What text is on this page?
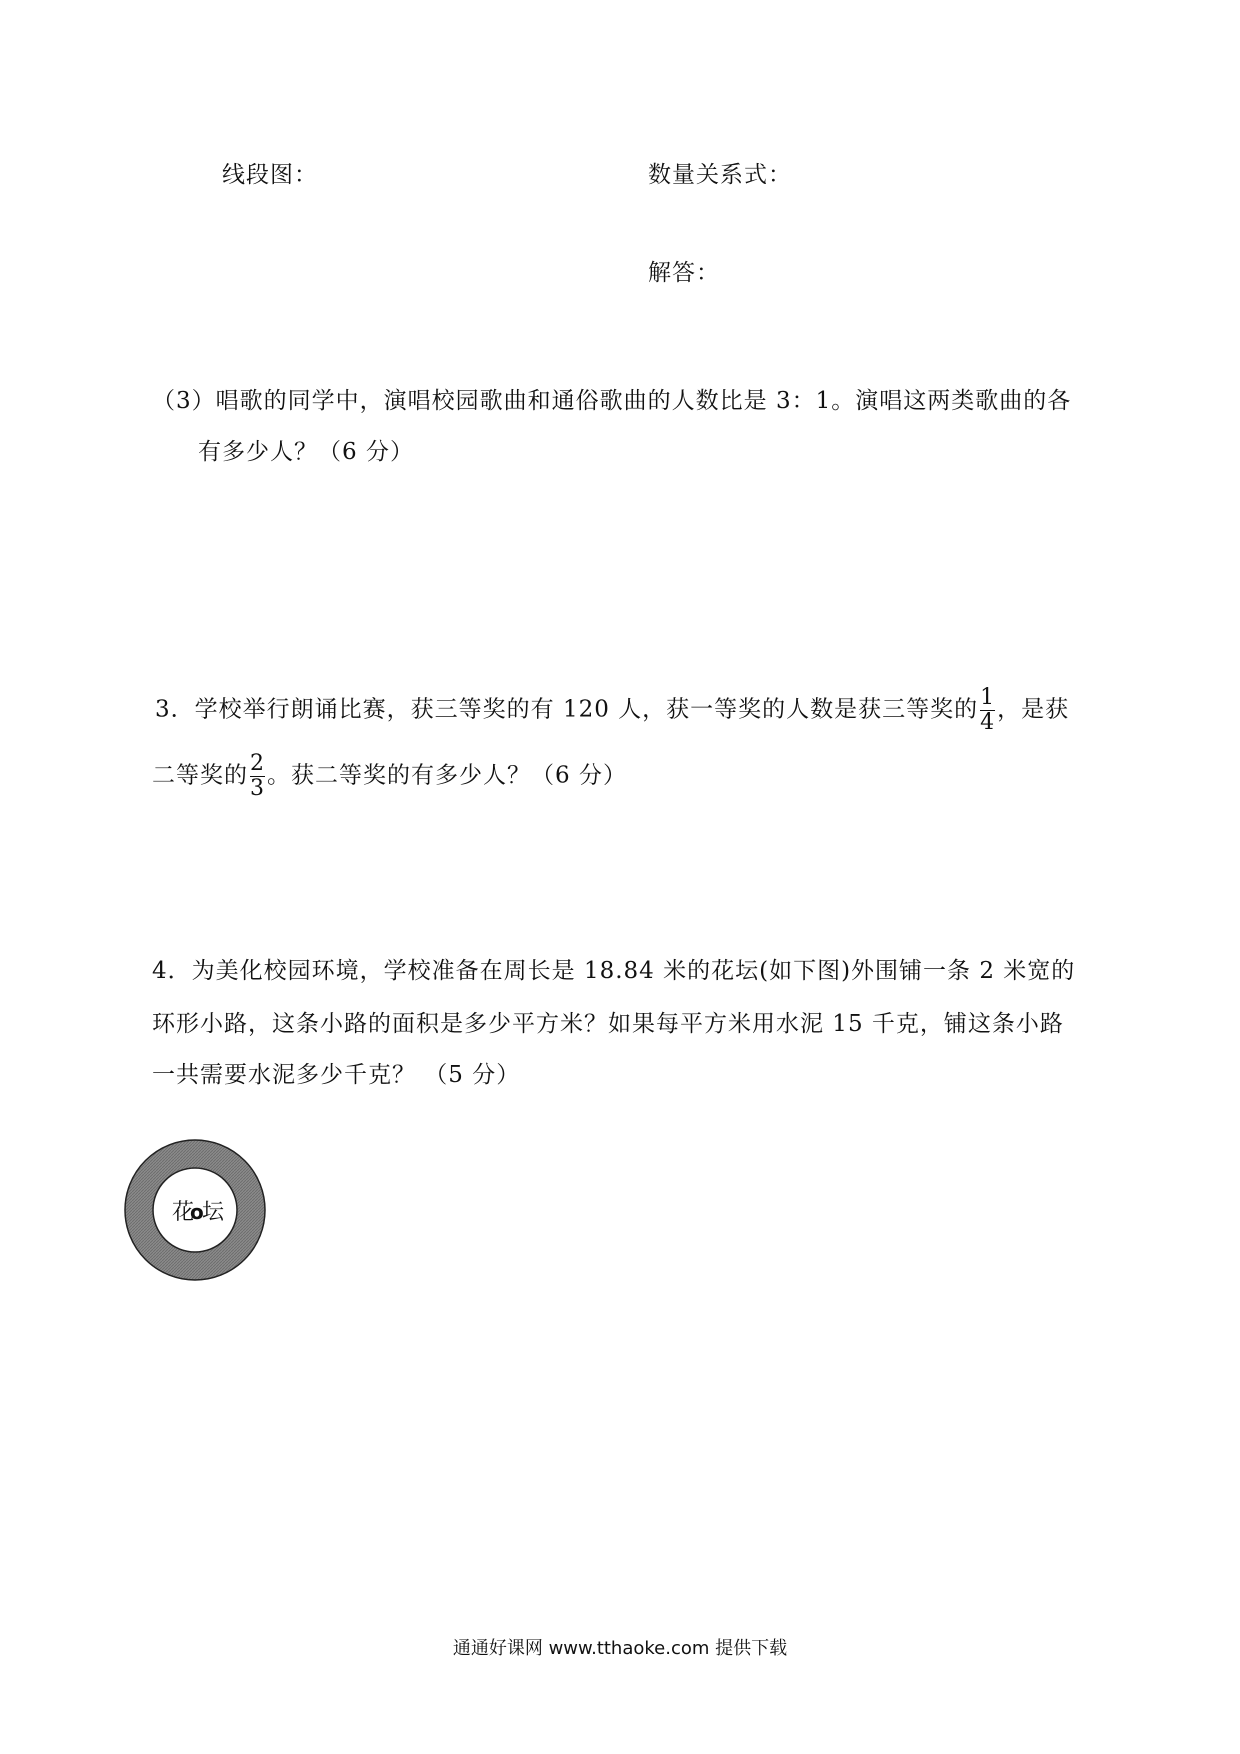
线段图：	数量关系式：
解答：
（3）唱歌的同学中，演唱校园歌曲和通俗歌曲的人数比是 3：1。演唱这两类歌曲的各
有多少人？（6 分）
3．学校举行朗诵比赛，获三等奖的有 120 人，获一等奖的人数是获三等奖的 $\frac{1}{4}$ ，是获
二等奖的 $\frac{2}{3}$ 。获二等奖的有多少人？（6 分）
4．为美化校园环境，学校准备在周长是 18.84 米的花坛(如下图)外围铺一条 2 米宽的
环形小路，这条小路的面积是多少平方米？如果每平方米用水泥 15 千克，铺这条小路
一共需要水泥多少千克？ （5 分）
花
o
坛
通通好课网 www.tthaoke.com 提供下载
